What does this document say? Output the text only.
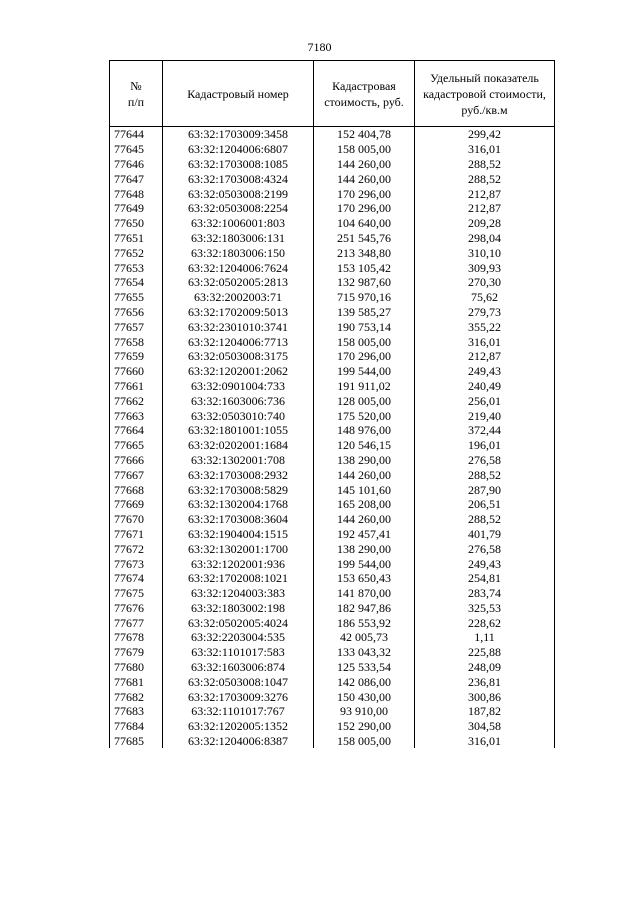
7180
№
п/п	Кадастровый номер	Кадастровая стоимость, руб.	Удельный показатель кадастровой стоимости, руб./кв.м
77644	63:32:1703009:3458	152 404,78	299,42
77645	63:32:1204006:6807	158 005,00	316,01
77646	63:32:1703008:1085	144 260,00	288,52
77647	63:32:1703008:4324	144 260,00	288,52
77648	63:32:0503008:2199	170 296,00	212,87
77649	63:32:0503008:2254	170 296,00	212,87
77650	63:32:1006001:803	104 640,00	209,28
77651	63:32:1803006:131	251 545,76	298,04
77652	63:32:1803006:150	213 348,80	310,10
77653	63:32:1204006:7624	153 105,42	309,93
77654	63:32:0502005:2813	132 987,60	270,30
77655	63:32:2002003:71	715 970,16	75,62
77656	63:32:1702009:5013	139 585,27	279,73
77657	63:32:2301010:3741	190 753,14	355,22
77658	63:32:1204006:7713	158 005,00	316,01
77659	63:32:0503008:3175	170 296,00	212,87
77660	63:32:1202001:2062	199 544,00	249,43
77661	63:32:0901004:733	191 911,02	240,49
77662	63:32:1603006:736	128 005,00	256,01
77663	63:32:0503010:740	175 520,00	219,40
77664	63:32:1801001:1055	148 976,00	372,44
77665	63:32:0202001:1684	120 546,15	196,01
77666	63:32:1302001:708	138 290,00	276,58
77667	63:32:1703008:2932	144 260,00	288,52
77668	63:32:1703008:5829	145 101,60	287,90
77669	63:32:1302004:1768	165 208,00	206,51
77670	63:32:1703008:3604	144 260,00	288,52
77671	63:32:1904004:1515	192 457,41	401,79
77672	63:32:1302001:1700	138 290,00	276,58
77673	63:32:1202001:936	199 544,00	249,43
77674	63:32:1702008:1021	153 650,43	254,81
77675	63:32:1204003:383	141 870,00	283,74
77676	63:32:1803002:198	182 947,86	325,53
77677	63:32:0502005:4024	186 553,92	228,62
77678	63:32:2203004:535	42 005,73	1,11
77679	63:32:1101017:583	133 043,32	225,88
77680	63:32:1603006:874	125 533,54	248,09
77681	63:32:0503008:1047	142 086,00	236,81
77682	63:32:1703009:3276	150 430,00	300,86
77683	63:32:1101017:767	93 910,00	187,82
77684	63:32:1202005:1352	152 290,00	304,58
77685	63:32:1204006:8387	158 005,00	316,01
